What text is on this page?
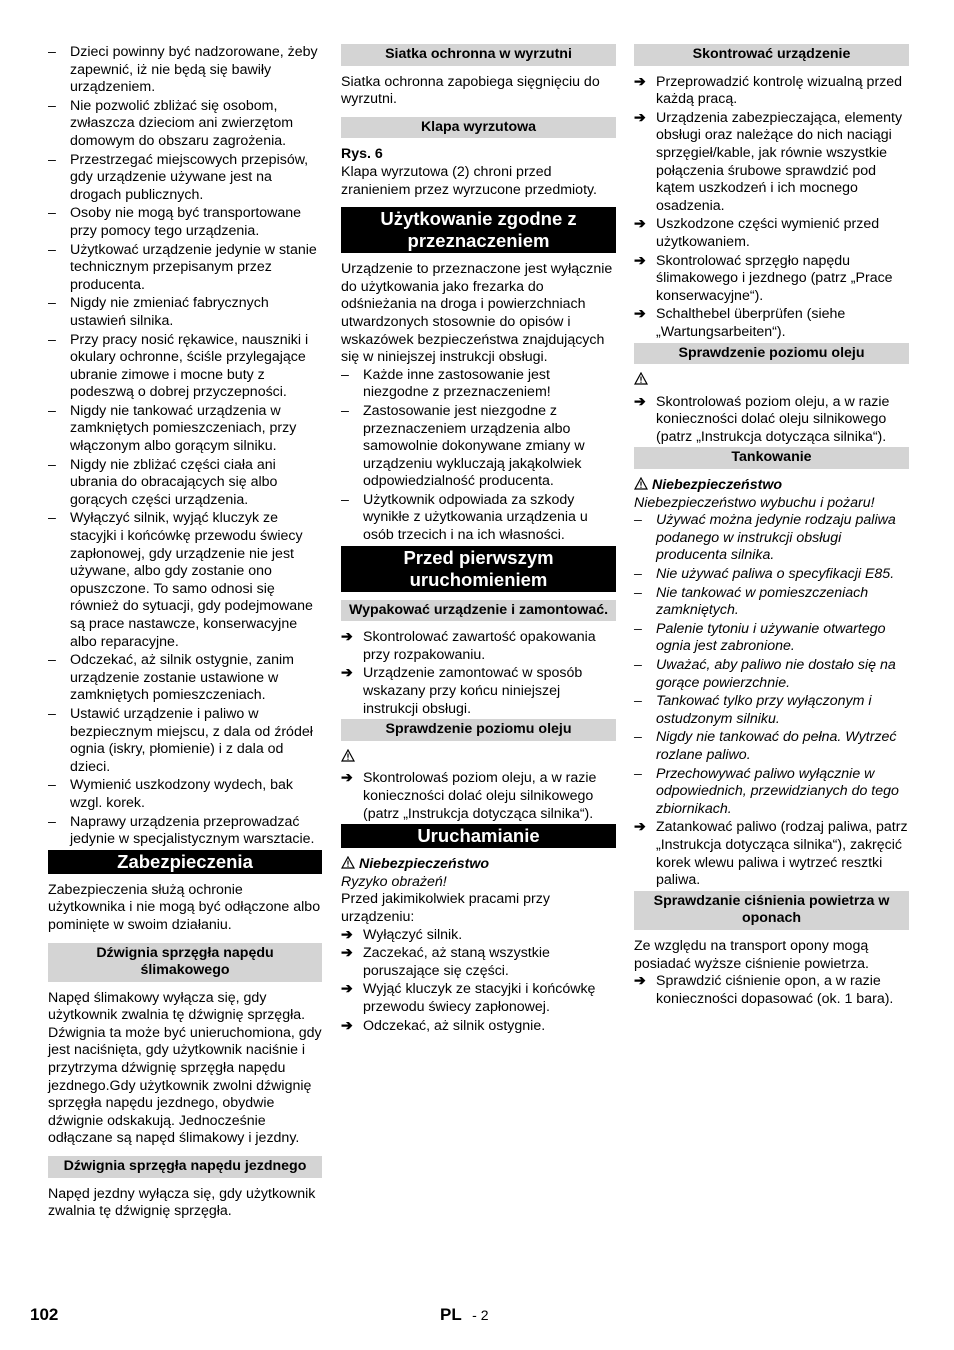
– Dzieci powinny być nadzorowane, żeby zapewnić, iż nie będą się bawiły urządzeniem.
– Nie pozwolić zbliżać się osobom, zwłaszcza dzieciom ani zwierzętom domowym do obszaru zagrożenia.
– Przestrzegać miejscowych przepisów, gdy urządzenie używane jest na drogach publicznych.
– Osoby nie mogą być transportowane przy pomocy tego urządzenia.
– Użytkować urządzenie jedynie w stanie technicznym przepisanym przez producenta.
– Nigdy nie zmieniać fabrycznych ustawień silnika.
– Przy pracy nosić rękawice, nauszniki i okulary ochronne, ściśle przylegające ubranie zimowe i mocne buty z podeszwą o dobrej przyczepności.
– Nigdy nie tankować urządzenia w zamkniętych pomieszczeniach, przy włączonym albo gorącym silniku.
– Nigdy nie zbliżać części ciała ani ubrania do obracających się albo gorących części urządzenia.
– Wyłączyć silnik, wyjąć kluczyk ze stacyjki i końcówkę przewodu świecy zapłonowej, gdy urządzenie nie jest używane, albo gdy zostanie ono opuszczone. To samo odnosi się również do sytuacji, gdy podejmowane są prace nastawcze, konserwacyjne albo reparacyjne.
– Odczekać, aż silnik ostygnie, zanim urządzenie zostanie ustawione w zamkniętych pomieszczeniach.
– Ustawić urządzenie i paliwo w bezpiecznym miejscu, z dala od źródeł ognia (iskry, płomienie) i z dala od dzieci.
– Wymienić uszkodzony wydech, bak wzgl. korek.
– Naprawy urządzenia przeprowadzać jedynie w specjalistycznym warsztacie.
Zabezpieczenia

Zabezpieczenia służą ochronie użytkownika i nie mogą być odłączone albo pominięte w swoim działaniu.

Dźwignia sprzęgła napędu ślimakowego

Napęd ślimakowy wyłącza się, gdy użytkownik zwalnia tę dźwignię sprzęgła. Dźwignia ta może być unieruchomiona, gdy jest naciśnięta, gdy użytkownik naciśnie i przytrzyma dźwignię sprzęgła napędu jezdnego.Gdy użytkownik zwolni dźwignię sprzęgła napędu jezdnego, obydwie dźwignie odskakują. Jednocześnie odłączane są napęd ślimakowy i jezdny.

Dźwignia sprzęgła napędu jezdnego

Napęd jezdny wyłącza się, gdy użytkownik zwalnia tę dźwignię sprzęgła.

Siatka ochronna w wyrzutni

Siatka ochronna zapobiega sięgnięciu do wyrzutni.

Klapa wyrzutowa

Rys. 6

Klapa wyrzutowa (2) chroni przed zranieniem przez wyrzucone przedmioty.

Użytkowanie zgodne z przeznaczeniem

Urządzenie to przeznaczone jest wyłącznie do użytkowania jako frezarka do odśnieżania na droga i powierzchniach utwardzonych stosownie do opisów i wskazówek bezpieczeństwa znajdujących się w niniejszej instrukcji obsługi.

– Każde inne zastosowanie jest niezgodne z przeznaczeniem!
– Zastosowanie jest niezgodne z przeznaczeniem urządzenia albo samowolnie dokonywane zmiany w urządzeniu wykluczają jakąkolwiek odpowiedzialność producenta.
– Użytkownik odpowiada za szkody wynikłe z użytkowania urządzenia u osób trzecich i na ich własności.
Przed pierwszym uruchomieniem
Wypakować urządzenie i zamontować.
➔ Skontrolować zawartość opakowania przy rozpakowaniu.
➔ Urządzenie zamontować w sposób wskazany przy końcu niniejszej instrukcji obsługi.
Sprawdzenie poziomu oleju
➔ Skontrolowaś poziom oleju, a w razie konieczności dolać oleju silnikowego (patrz „Instrukcja dotycząca silnika“).
Uruchamianie
Niebezpieczeństwo

Ryzyko obrażeń!

Przed jakimikolwiek pracami przy urządzeniu:

➔ Wyłączyć silnik.
➔ Zaczekać, aż staną wszystkie poruszające się części.
➔ Wyjąć kluczyk ze stacyjki i końcówkę przewodu świecy zapłonowej.
➔ Odczekać, aż silnik ostygnie.
Skontrować urządzenie
➔ Przeprowadzić kontrolę wizualną przed każdą pracą.
➔ Urządzenia zabezpieczająca, elementy obsługi oraz należące do nich naciągi sprzęgieł/kable, jak równie wszystkie połączenia śrubowe sprawdzić pod kątem uszkodzeń i ich mocnego osadzenia.
➔ Uszkodzone części wymienić przed użytkowaniem.
➔ Skontrolować sprzęgło napędu ślimakowego i jezdnego (patrz „Prace konserwacyjne“).
➔ Schalthebel überprüfen (siehe „Wartungsarbeiten“).
Sprawdzenie poziomu oleju
➔ Skontrolowaś poziom oleju, a w razie konieczności dolać oleju silnikowego (patrz „Instrukcja dotycząca silnika“).
Tankowanie
Niebezpieczeństwo

Niebezpieczeństwo wybuchu i pożaru!

– Używać można jedynie rodzaju paliwa podanego w instrukcji obsługi producenta silnika.
– Nie używać paliwa o specyfikacji E85.
– Nie tankować w pomieszczeniach zamkniętych.
– Palenie tytoniu i używanie otwartego ognia jest zabronione.
– Uważać, aby paliwo nie dostało się na gorące powierzchnie.
– Tankować tylko przy wyłączonym i ostudzonym silniku.
– Nigdy nie tankować do pełna. Wytrzeć rozlane paliwo.
– Przechowywać paliwo wyłącznie w odpowiednich, przewidzianych do tego zbiornikach.
➔ Zatankować paliwo (rodzaj paliwa, patrz „Instrukcja dotycząca silnika“), zakręcić korek wlewu paliwa i wytrzeć resztki paliwa.
Sprawdzanie ciśnienia powietrza w oponach

Ze względu na transport opony mogą posiadać wyższe ciśnienie powietrza.

➔ Sprawdzić ciśnienie opon, a w razie konieczności dopasować (ok. 1 bara).
102	PL - 2
